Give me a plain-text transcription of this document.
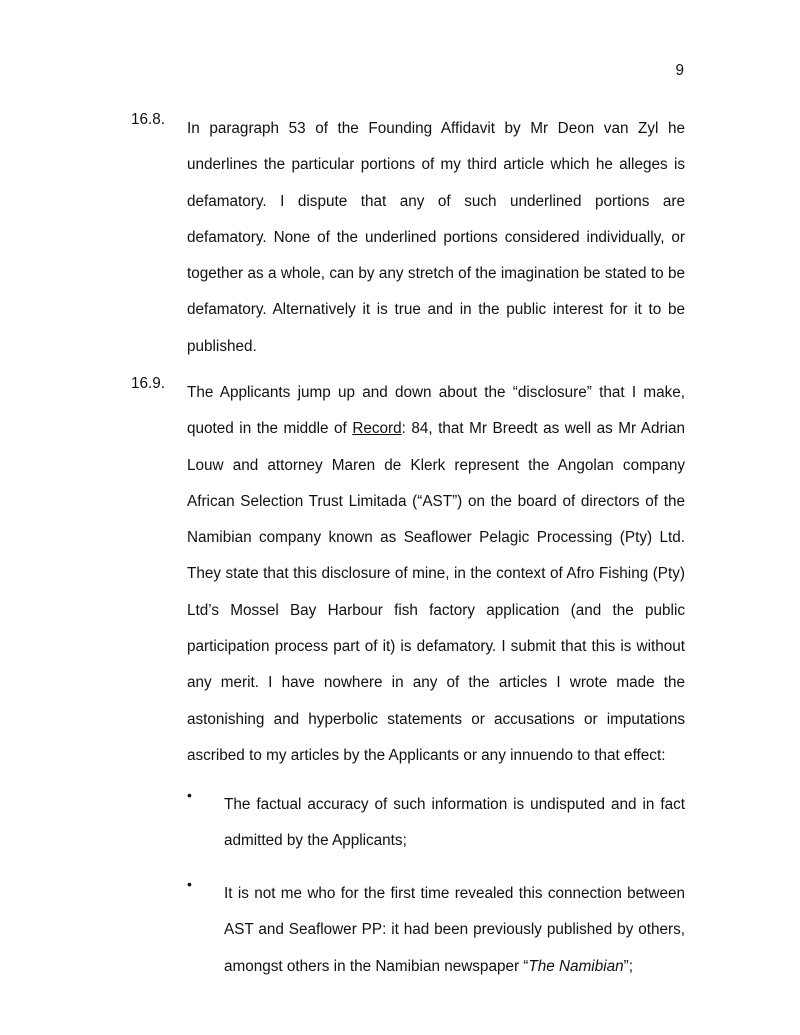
9
16.8.
In paragraph 53 of the Founding Affidavit by Mr Deon van Zyl he underlines the particular portions of my third article which he alleges is defamatory. I dispute that any of such underlined portions are defamatory. None of the underlined portions considered individually, or together as a whole, can by any stretch of the imagination be stated to be defamatory. Alternatively it is true and in the public interest for it to be published.
16.9.
The Applicants jump up and down about the “disclosure” that I make, quoted in the middle of Record: 84, that Mr Breedt as well as Mr Adrian Louw and attorney Maren de Klerk represent the Angolan company African Selection Trust Limitada (“AST”) on the board of directors of the Namibian company known as Seaflower Pelagic Processing (Pty) Ltd. They state that this disclosure of mine, in the context of Afro Fishing (Pty) Ltd’s Mossel Bay Harbour fish factory application (and the public participation process part of it) is defamatory. I submit that this is without any merit. I have nowhere in any of the articles I wrote made the astonishing and hyperbolic statements or accusations or imputations ascribed to my articles by the Applicants or any innuendo to that effect:
•
The factual accuracy of such information is undisputed and in fact admitted by the Applicants;
•
It is not me who for the first time revealed this connection between AST and Seaflower PP: it had been previously published by others, amongst others in the Namibian newspaper “The Namibian”;
